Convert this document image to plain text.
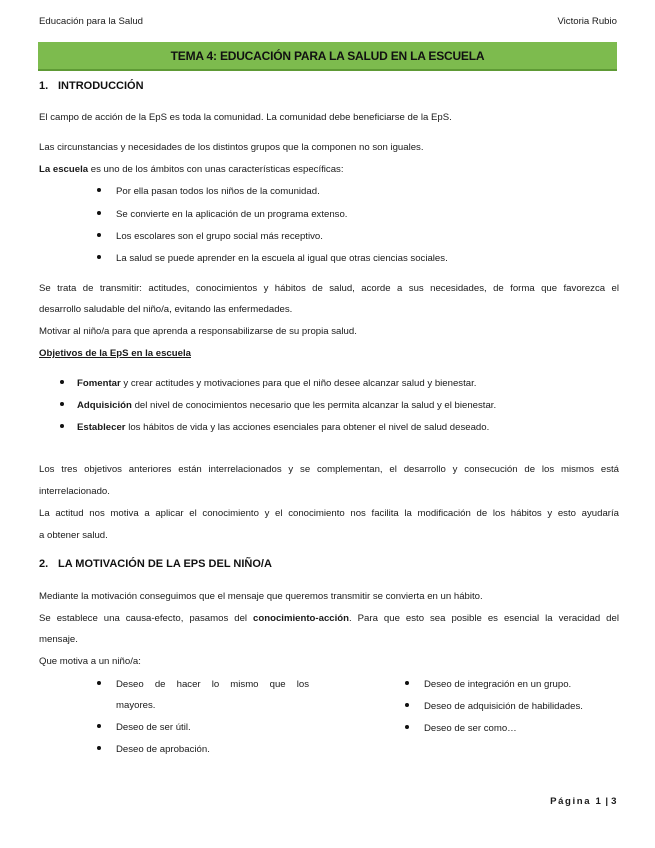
Educación para la Salud	Victoria Rubio
TEMA 4: EDUCACIÓN PARA LA SALUD EN LA ESCUELA
1. INTRODUCCIÓN
El campo de acción de la EpS es toda la comunidad. La comunidad debe beneficiarse de la EpS.
Las circunstancias y necesidades de los distintos grupos que la componen no son iguales.
La escuela es uno de los ámbitos con unas características específicas:
Por ella pasan todos los niños de la comunidad.
Se convierte en la aplicación de un programa extenso.
Los escolares son el grupo social más receptivo.
La salud se puede aprender en la escuela al igual que otras ciencias sociales.
Se trata de transmitir: actitudes, conocimientos y hábitos de salud, acorde a sus necesidades, de forma que favorezca el
desarrollo saludable del niño/a, evitando las enfermedades.
Motivar al niño/a para que aprenda a responsabilizarse de su propia salud.
Objetivos de la EpS en la escuela
Fomentar y crear actitudes y motivaciones para que el niño desee alcanzar salud y bienestar.
Adquisición del nivel de conocimientos necesario que les permita alcanzar la salud y el bienestar.
Establecer los hábitos de vida y las acciones esenciales para obtener el nivel de salud deseado.
Los tres objetivos anteriores están interrelacionados y se complementan, el desarrollo y consecución de los mismos está
interrelacionado.
La actitud nos motiva a aplicar el conocimiento y el conocimiento nos facilita la modificación de los hábitos y esto ayudaría
a obtener salud.
2. LA MOTIVACIÓN DE LA EPS DEL NIÑO/A
Mediante la motivación conseguimos que el mensaje que queremos transmitir se convierta en un hábito.
Se establece una causa-efecto, pasamos del conocimiento-acción. Para que esto sea posible es esencial la veracidad del
mensaje.
Que motiva a un niño/a:
Deseo de hacer lo mismo que los
mayores.
Deseo de ser útil.
Deseo de aprobación.
Deseo de integración en un grupo.
Deseo de adquisición de habilidades.
Deseo de ser como…
Página 1 | 3
